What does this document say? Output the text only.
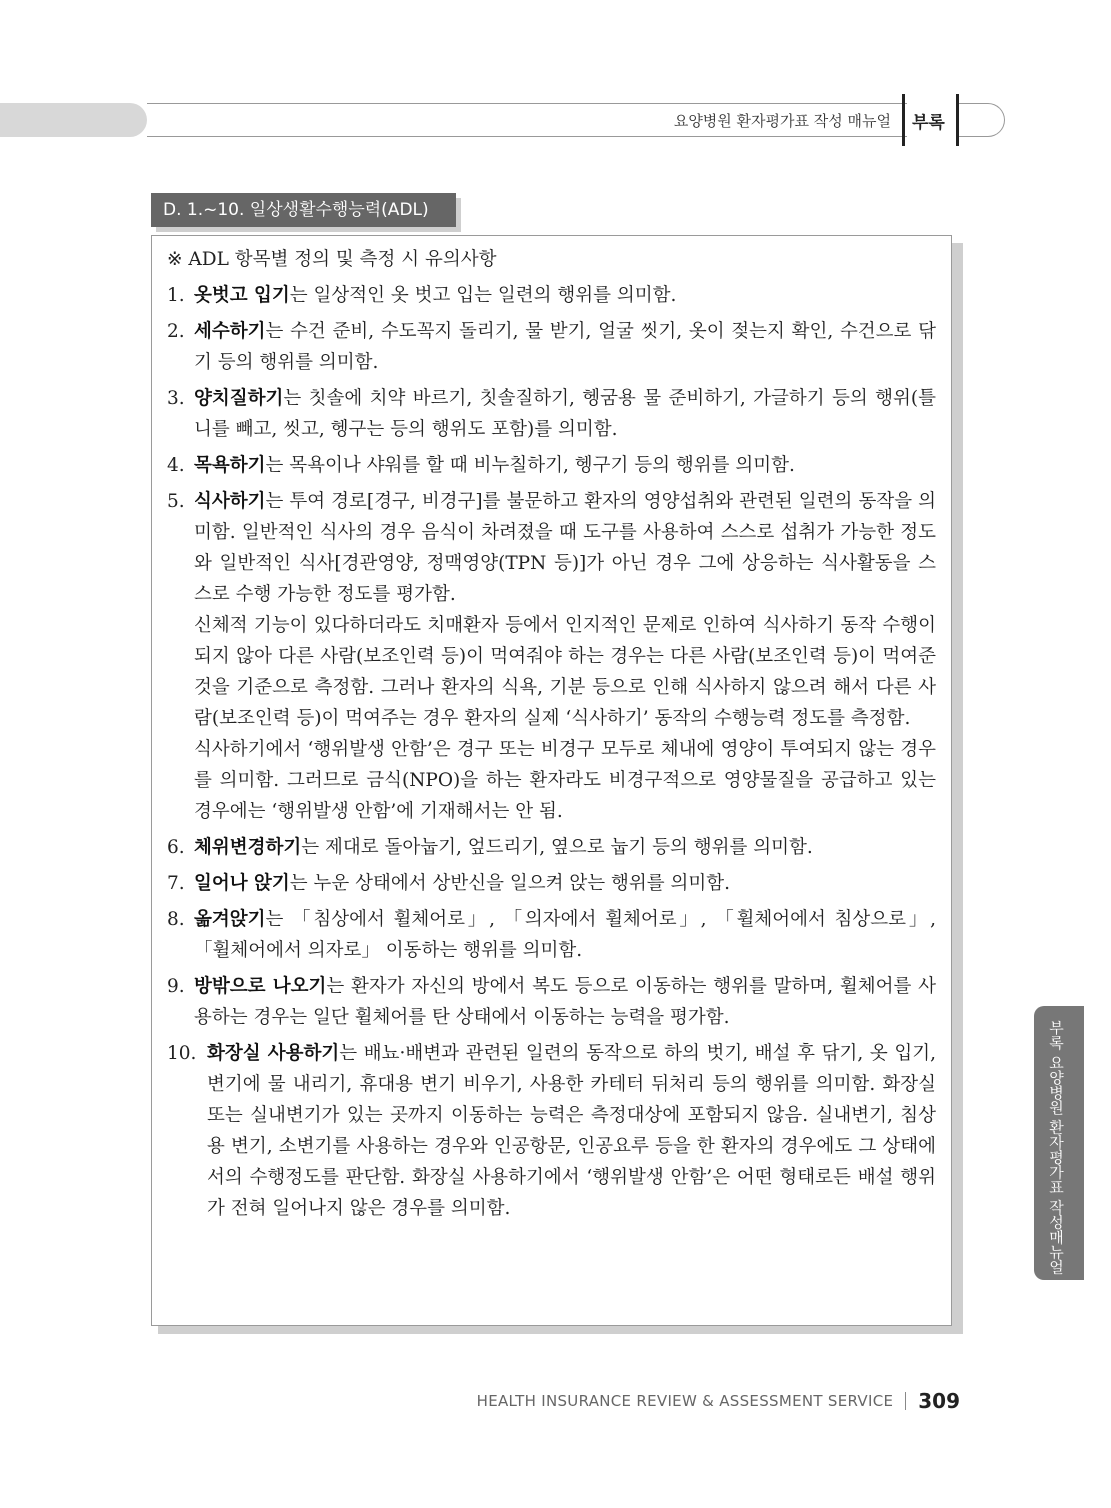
요양병원 환자평가표 작성 매뉴얼 부록
D. 1.~10. 일상생활수행능력(ADL)
※ ADL 항목별 정의 및 측정 시 유의사항
1. 옷벗고 입기는 일상적인 옷 벗고 입는 일련의 행위를 의미함.

2. 세수하기는 수건 준비, 수도꼭지 돌리기, 물 받기, 얼굴 씻기, 옷이 젖는지 확인, 수건으로 닦기 등의 행위를 의미함.

3. 양치질하기는 칫솔에 치약 바르기, 칫솔질하기, 헹굼용 물 준비하기, 가글하기 등의 행위(틀니를 빼고, 씻고, 헹구는 등의 행위도 포함)를 의미함.

4. 목욕하기는 목욕이나 샤워를 할 때 비누칠하기, 헹구기 등의 행위를 의미함.

5. 식사하기는 투여 경로[경구, 비경구]를 불문하고 환자의 영양섭취와 관련된 일련의 동작을 의미함. 일반적인 식사의 경우 음식이 차려졌을 때 도구를 사용하여 스스로 섭취가 가능한 정도와 일반적인 식사[경관영양, 정맥영양(TPN 등)]가 아닌 경우 그에 상응하는 식사활동을 스스로 수행 가능한 정도를 평가함.

신체적 기능이 있다하더라도 치매환자 등에서 인지적인 문제로 인하여 식사하기 동작 수행이 되지 않아 다른 사람(보조인력 등)이 먹여줘야 하는 경우는 다른 사람(보조인력 등)이 먹여준 것을 기준으로 측정함. 그러나 환자의 식욕, 기분 등으로 인해 식사하지 않으려 해서 다른 사람(보조인력 등)이 먹여주는 경우 환자의 실제 ‘식사하기’ 동작의 수행능력 정도를 측정함.

식사하기에서 ‘행위발생 안함’은 경구 또는 비경구 모두로 체내에 영양이 투여되지 않는 경우를 의미함. 그러므로 금식(NPO)을 하는 환자라도 비경구적으로 영양물질을 공급하고 있는 경우에는 ‘행위발생 안함’에 기재해서는 안 됨.

6. 체위변경하기는 제대로 돌아눕기, 엎드리기, 옆으로 눕기 등의 행위를 의미함.

7. 일어나 앉기는 누운 상태에서 상반신을 일으켜 앉는 행위를 의미함.

8. 옮겨앉기는 「침상에서 휠체어로」, 「의자에서 휠체어로」, 「휠체어에서 침상으로」, 「휠체어에서 의자로」 이동하는 행위를 의미함.

9. 방밖으로 나오기는 환자가 자신의 방에서 복도 등으로 이동하는 행위를 말하며, 휠체어를 사용하는 경우는 일단 휠체어를 탄 상태에서 이동하는 능력을 평가함.

10. 화장실 사용하기는 배뇨·배변과 관련된 일련의 동작으로 하의 벗기, 배설 후 닦기, 옷 입기, 변기에 물 내리기, 휴대용 변기 비우기, 사용한 카테터 뒤처리 등의 행위를 의미함. 화장실 또는 실내변기가 있는 곳까지 이동하는 능력은 측정대상에 포함되지 않음. 실내변기, 침상용 변기, 소변기를 사용하는 경우와 인공항문, 인공요루 등을 한 환자의 경우에도 그 상태에서의 수행정도를 판단함. 화장실 사용하기에서 ‘행위발생 안함’은 어떤 형태로든 배설 행위가 전혀 일어나지 않은 경우를 의미함.	부록 요양병원 환자평가표 작성매뉴얼
HEALTH INSURANCE REVIEW & ASSESSMENT SERVICE 309
